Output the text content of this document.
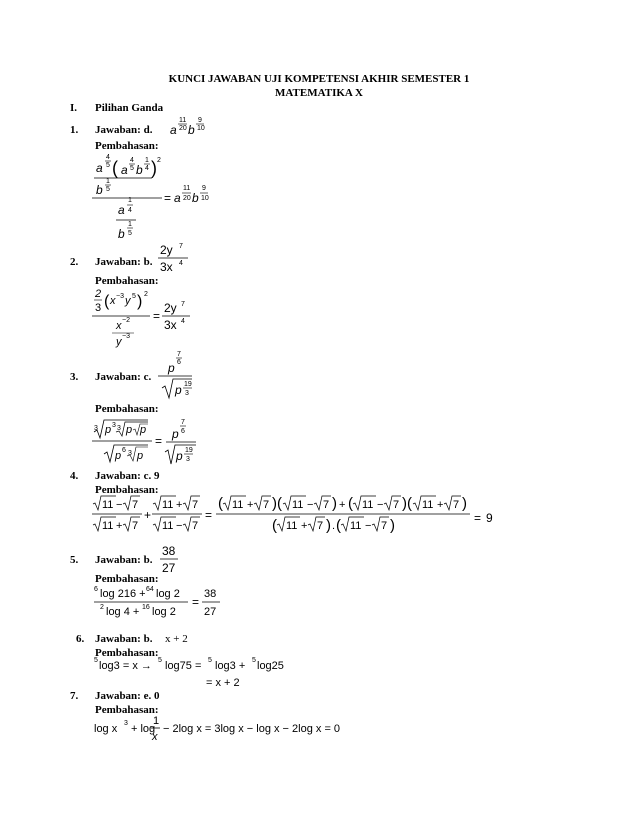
KUNCI JAWABAN UJI KOMPETENSI AKHIR SEMESTER 1
MATEMATIKA X
I. Pilihan Ganda
1. Jawaban: d. a
11
20 b
9
10
Pembahasan:
a
4
5 ( a
4
5 b
1
4 ) 2
b
1
5
a
1
4
b
1
5
= a
11
20 b
9
10
2. Jawaban: b.
2y 7
3x 4
Pembahasan:
2
3 ( x −3 y 5 ) 2
x −2
y −3
=
2y 7
3x 4
3. Jawaban: c.
p
7
6
p 19
3
Pembahasan:
3 p 3 3 p p
p 6 3 p
= p
7
6
p 19
3
4. Jawaban: c. 9
Pembahasan:
11 − 7
11 + 7
+
11 + 7
11 − 7
=
( 11 + 7 )( 11 − 7 ) + ( 11 − 7 )( 11 + 7 )
( 11 + 7 ) . ( 11 − 7 )	= 9
5. Jawaban: b.
38
27
Pembahasan:
6 log 216 + 64 log 2
2 log 4 + 16 log 2
=
38
27
6. Jawaban: b. x + 2
Pembahasan:
5 log3 = x → 5 log75 = 5 log3 + 5 log25
= x + 2
7. Jawaban: e. 0
Pembahasan:
log x 3 + log
1
x
− 2log x = 3log x − log x − 2log x = 0
